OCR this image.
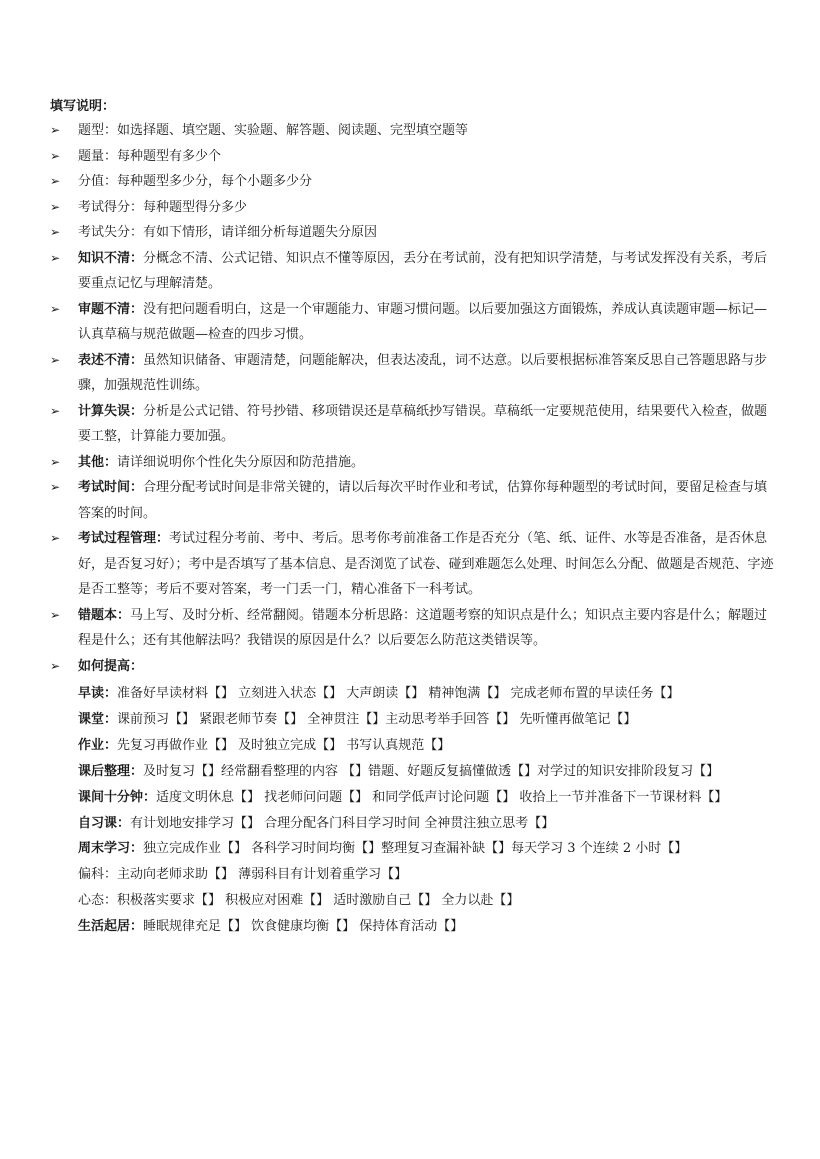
填写说明：
➢	题型：如选择题、填空题、实验题、解答题、阅读题、完型填空题等
➢	题量：每种题型有多少个
➢	分值：每种题型多少分，每个小题多少分
➢	考试得分：每种题型得分多少
➢	考试失分：有如下情形，请详细分析每道题失分原因
➢	知识不清：分概念不清、公式记错、知识点不懂等原因，丢分在考试前，没有把知识学清楚，与考试发挥没有关系，考后要重点记忆与理解清楚。
➢	审题不清：没有把问题看明白，这是一个审题能力、审题习惯问题。以后要加强这方面锻炼，养成认真读题审题—标记—认真草稿与规范做题—检查的四步习惯。
➢	表述不清：虽然知识储备、审题清楚，问题能解决，但表达凌乱，词不达意。以后要根据标准答案反思自己答题思路与步骤，加强规范性训练。
➢	计算失误：分析是公式记错、符号抄错、移项错误还是草稿纸抄写错误。草稿纸一定要规范使用，结果要代入检查，做题要工整，计算能力要加强。
➢	其他：请详细说明你个性化失分原因和防范措施。
➢	考试时间：合理分配考试时间是非常关键的，请以后每次平时作业和考试，估算你每种题型的考试时间，要留足检查与填答案的时间。
➢	考试过程管理：考试过程分考前、考中、考后。思考你考前准备工作是否充分（笔、纸、证件、水等是否准备，是否休息好，是否复习好）；考中是否填写了基本信息、是否浏览了试卷、碰到难题怎么处理、时间怎么分配、做题是否规范、字迹是否工整等；考后不要对答案，考一门丢一门，精心准备下一科考试。
➢	错题本：马上写、及时分析、经常翻阅。错题本分析思路：这道题考察的知识点是什么；知识点主要内容是什么；解题过程是什么；还有其他解法吗？我错误的原因是什么？以后要怎么防范这类错误等。
➢	如何提高：
早读：准备好早读材料【】 立刻进入状态【】 大声朗读【】 精神饱满【】 完成老师布置的早读任务【】
课堂：课前预习【】 紧跟老师节奏【】 全神贯注【】主动思考举手回答【】 先听懂再做笔记【】
作业：先复习再做作业【】 及时独立完成【】 书写认真规范【】
课后整理：及时复习【】经常翻看整理的内容 【】错题、好题反复搞懂做透【】对学过的知识安排阶段复习【】
课间十分钟：适度文明休息【】 找老师问问题【】 和同学低声讨论问题【】 收拾上一节并准备下一节课材料【】
自习课：有计划地安排学习【】 合理分配各门科目学习时间 全神贯注独立思考【】
周末学习：独立完成作业【】 各科学习时间均衡【】整理复习查漏补缺【】每天学习 3 个连续 2 小时【】
偏科：主动向老师求助【】 薄弱科目有计划着重学习【】
心态：积极落实要求【】 积极应对困难【】 适时激励自己【】 全力以赴【】
生活起居：睡眠规律充足【】 饮食健康均衡【】 保持体育活动【】
